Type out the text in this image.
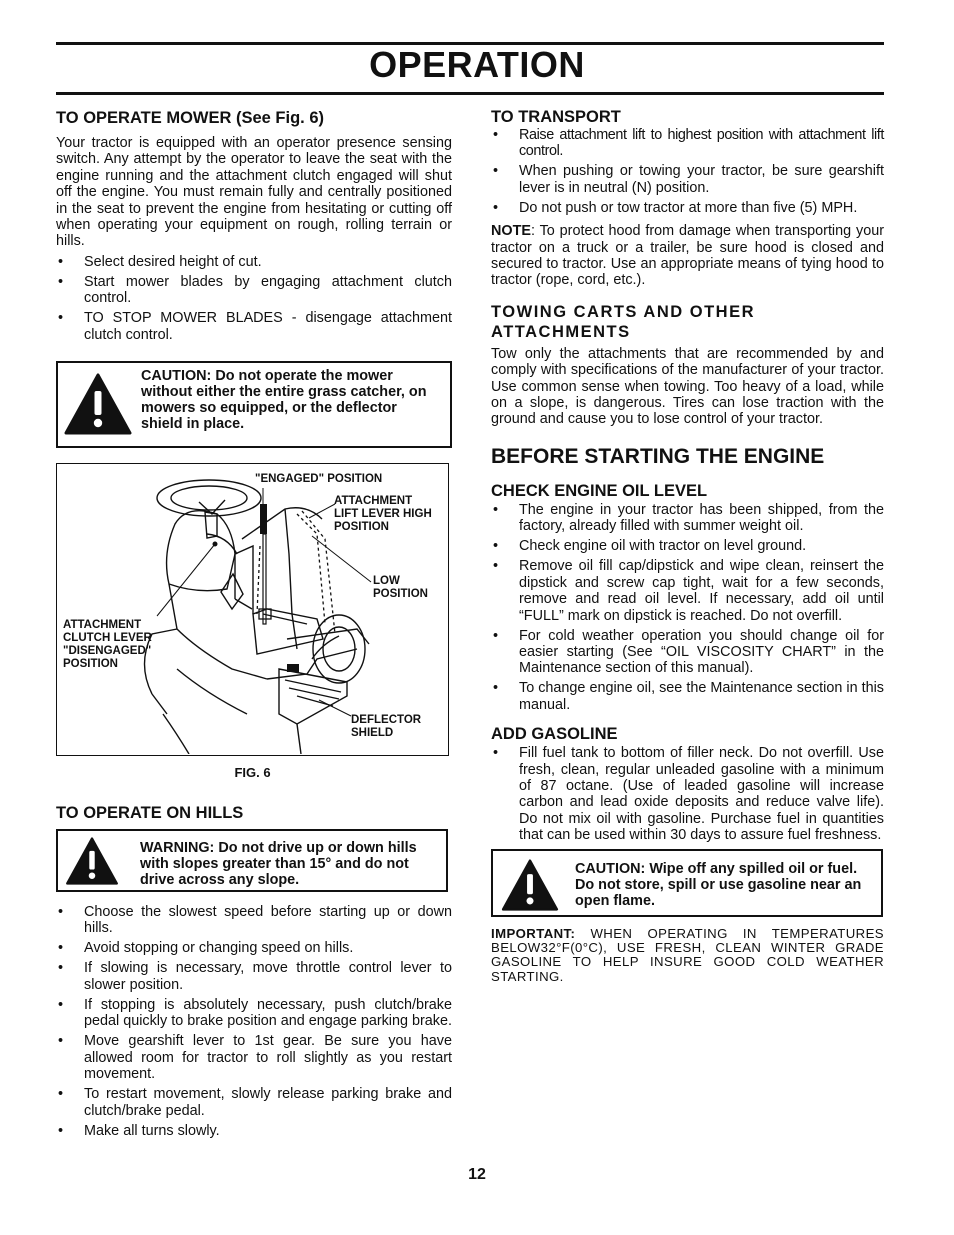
OPERATION
TO OPERATE MOWER (See Fig. 6)

Your tractor is equipped with an operator presence sensing switch. Any attempt by the operator to leave the seat with the engine running and the attachment clutch engaged will shut off the engine. You must remain fully and centrally positioned in the seat to prevent the engine from hesitating or cutting off when operating your equipment on rough, rolling terrain or hills.

• Select desired height of cut.
• Start mower blades by engaging attachment clutch control.
• TO STOP MOWER BLADES - disengage attachment clutch control.
CAUTION: Do not operate the mower without either the entire grass catcher, on mowers so equipped, or the deflector shield in place.
"ENGAGED" POSITION
ATTACHMENT LIFT LEVER HIGH POSITION
LOW POSITION
ATTACHMENT CLUTCH LEVER "DISENGAGED" POSITION
DEFLECTOR SHIELD
FIG. 6
TO OPERATE ON HILLS
WARNING: Do not drive up or down hills with slopes greater than 15° and do not drive across any slope.
• Choose the slowest speed before starting up or down hills.
• Avoid stopping or changing speed on hills.
• If slowing is necessary, move throttle control lever to slower position.
• If stopping is absolutely necessary, push clutch/brake pedal quickly to brake position and engage parking brake.
• Move gearshift lever to 1st gear. Be sure you have allowed room for tractor to roll slightly as you restart movement.
• To restart movement, slowly release parking brake and clutch/brake pedal.
• Make all turns slowly.
TO TRANSPORT
• Raise attachment lift to highest position with attachment lift control.
• When pushing or towing your tractor, be sure gearshift lever is in neutral (N) position.
• Do not push or tow tractor at more than five (5) MPH.

NOTE: To protect hood from damage when transporting your tractor on a truck or a trailer, be sure hood is closed and secured to tractor. Use an appropriate means of tying hood to tractor (rope, cord, etc.).

TOWING CARTS AND OTHER ATTACHMENTS

Tow only the attachments that are recommended by and comply with specifications of the manufacturer of your tractor. Use common sense when towing. Too heavy of a load, while on a slope, is dangerous. Tires can lose traction with the ground and cause you to lose control of your tractor.

BEFORE STARTING THE ENGINE
CHECK ENGINE OIL LEVEL
• The engine in your tractor has been shipped, from the factory, already filled with summer weight oil.
• Check engine oil with tractor on level ground.
• Remove oil fill cap/dipstick and wipe clean, reinsert the dipstick and screw cap tight, wait for a few seconds, remove and read oil level. If necessary, add oil until “FULL” mark on dipstick is reached. Do not overfill.
• For cold weather operation you should change oil for easier starting (See “OIL VISCOSITY CHART” in the Maintenance section of this manual).
• To change engine oil, see the Maintenance section in this manual.
ADD GASOLINE
• Fill fuel tank to bottom of filler neck. Do not overfill. Use fresh, clean, regular unleaded gasoline with a minimum of 87 octane. (Use of leaded gasoline will increase carbon and lead oxide deposits and reduce valve life). Do not mix oil with gasoline. Purchase fuel in quantities that can be used within 30 days to assure fuel freshness.
CAUTION: Wipe off any spilled oil or fuel. Do not store, spill or use gasoline near an open flame.

IMPORTANT: WHEN OPERATING IN TEMPERATURES BELOW32°F(0°C), USE FRESH, CLEAN WINTER GRADE GASOLINE TO HELP INSURE GOOD COLD WEATHER STARTING.

12
